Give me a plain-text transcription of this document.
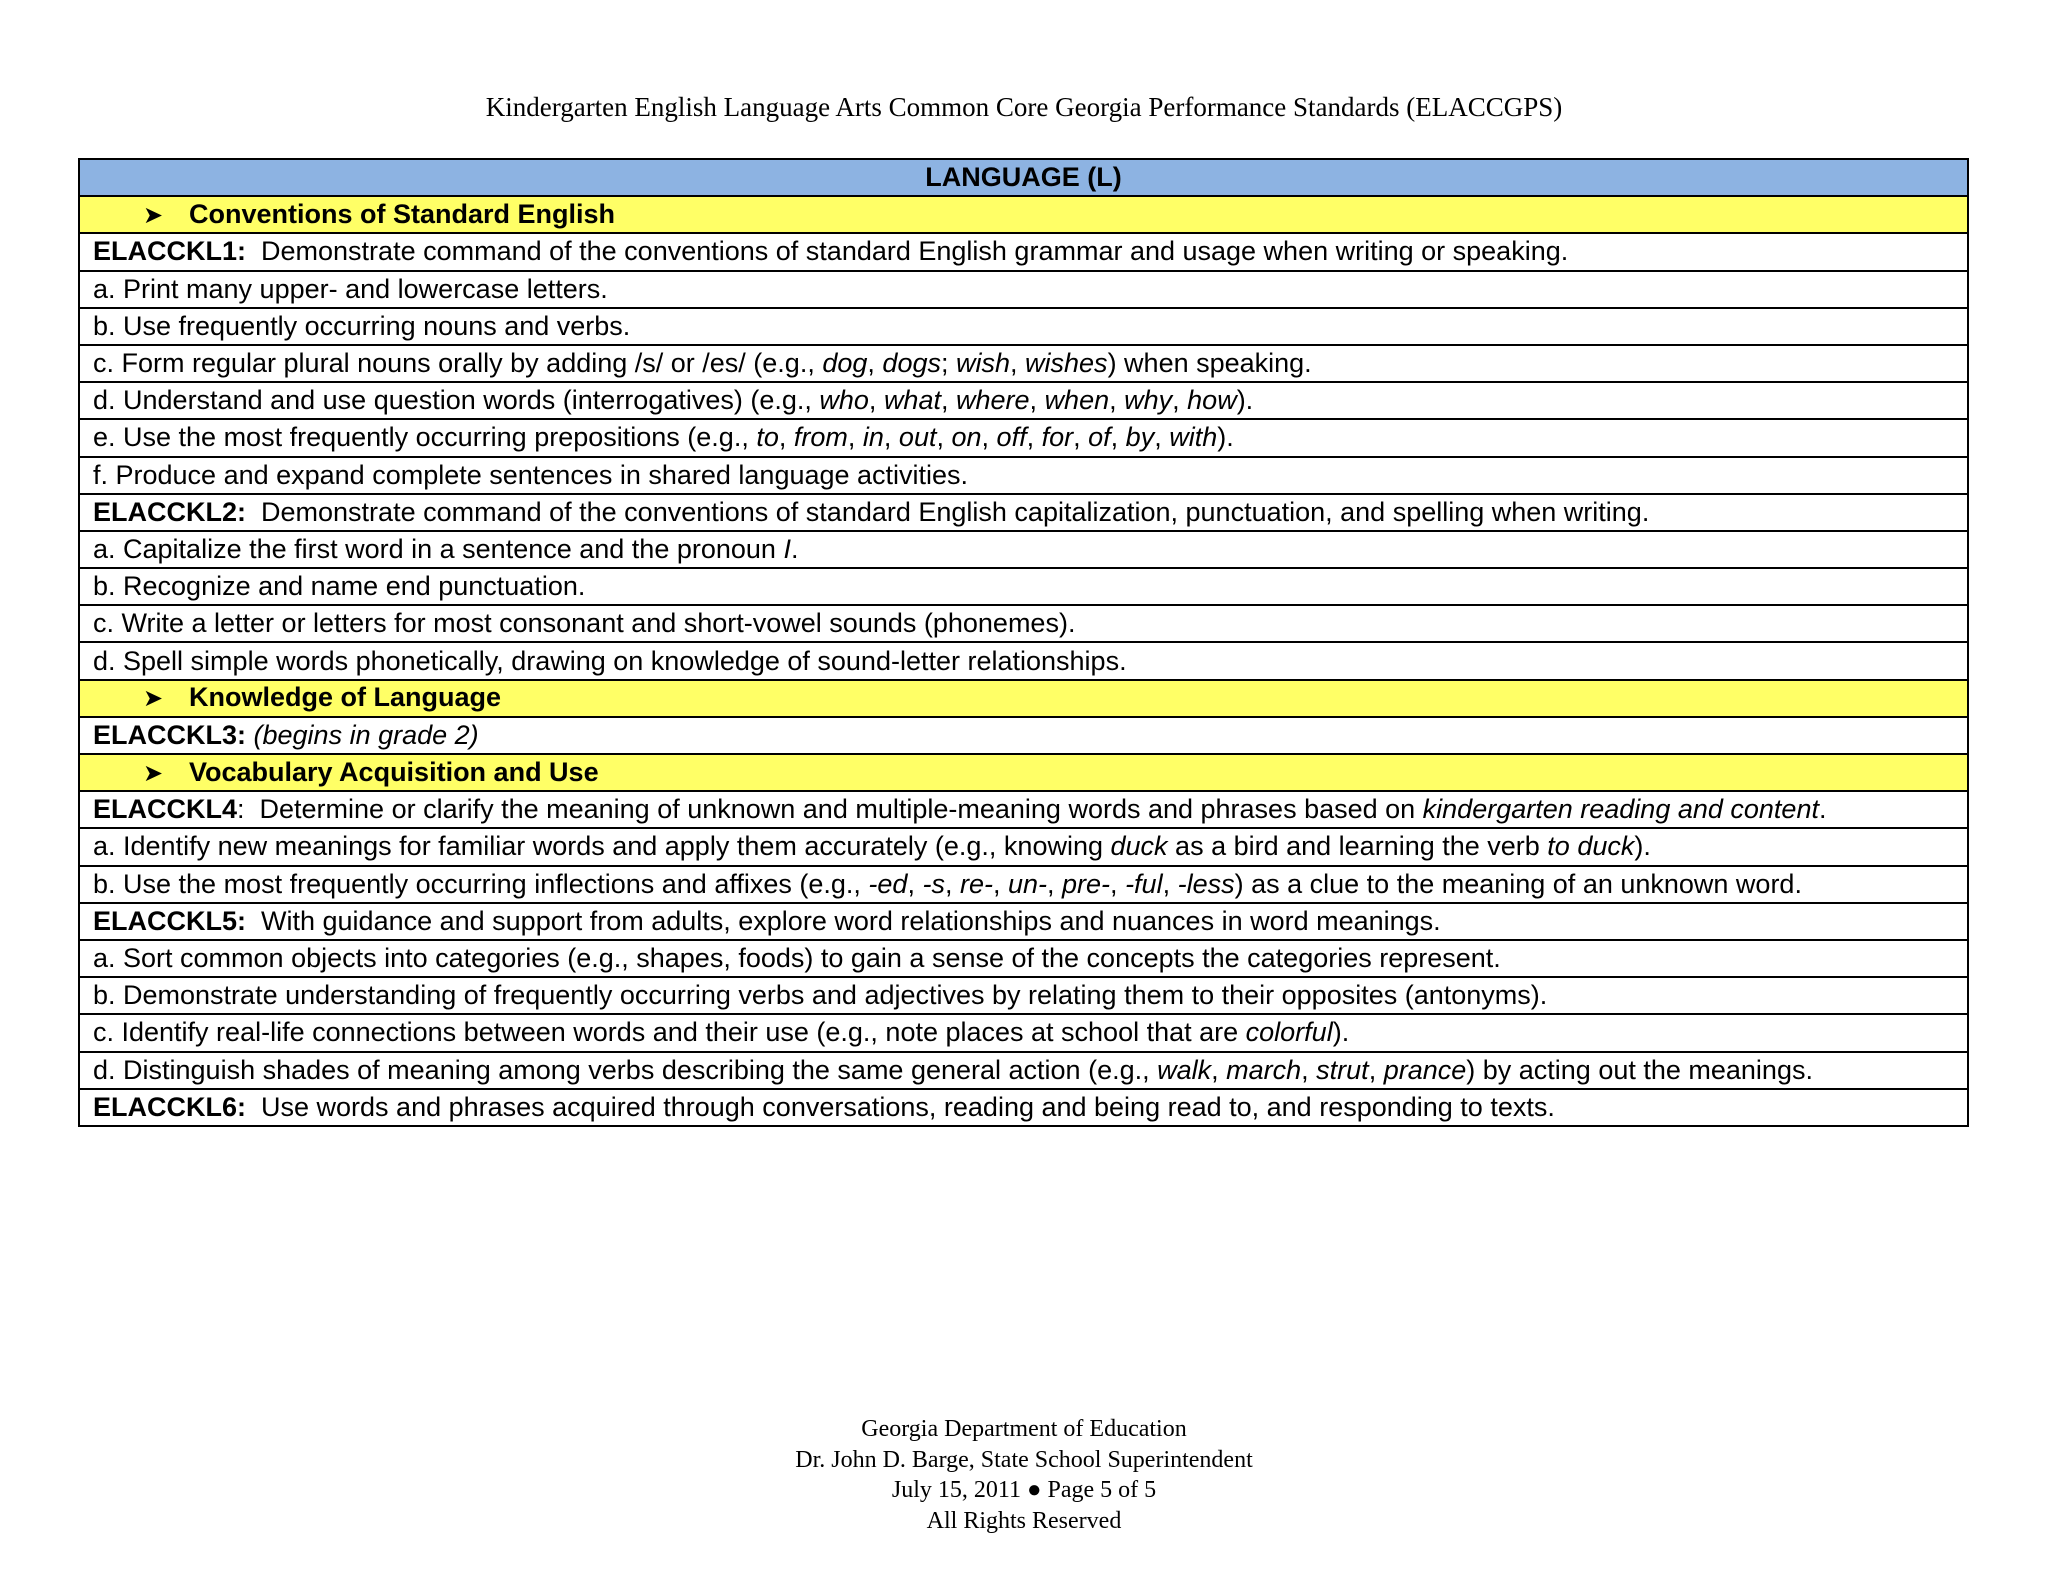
Kindergarten English Language Arts Common Core Georgia Performance Standards (ELACCGPS)
LANGUAGE (L)
➤ Conventions of Standard English
ELACCKL1: Demonstrate command of the conventions of standard English grammar and usage when writing or speaking.
a. Print many upper- and lowercase letters.
b. Use frequently occurring nouns and verbs.
c. Form regular plural nouns orally by adding /s/ or /es/ (e.g., dog, dogs; wish, wishes) when speaking.
d. Understand and use question words (interrogatives) (e.g., who, what, where, when, why, how).
e. Use the most frequently occurring prepositions (e.g., to, from, in, out, on, off, for, of, by, with).
f. Produce and expand complete sentences in shared language activities.
ELACCKL2: Demonstrate command of the conventions of standard English capitalization, punctuation, and spelling when writing.
a. Capitalize the first word in a sentence and the pronoun I.
b. Recognize and name end punctuation.
c. Write a letter or letters for most consonant and short-vowel sounds (phonemes).
d. Spell simple words phonetically, drawing on knowledge of sound-letter relationships.
➤ Knowledge of Language
ELACCKL3: (begins in grade 2)
➤ Vocabulary Acquisition and Use
ELACCKL4:  Determine or clarify the meaning of unknown and multiple-meaning words and phrases based on kindergarten reading and content.
a. Identify new meanings for familiar words and apply them accurately (e.g., knowing duck as a bird and learning the verb to duck).
b. Use the most frequently occurring inflections and affixes (e.g., -ed, -s, re-, un-, pre-, -ful, -less) as a clue to the meaning of an unknown word.
ELACCKL5: With guidance and support from adults, explore word relationships and nuances in word meanings.
a. Sort common objects into categories (e.g., shapes, foods) to gain a sense of the concepts the categories represent.
b. Demonstrate understanding of frequently occurring verbs and adjectives by relating them to their opposites (antonyms).
c. Identify real-life connections between words and their use (e.g., note places at school that are colorful).
d. Distinguish shades of meaning among verbs describing the same general action (e.g., walk, march, strut, prance) by acting out the meanings.
ELACCKL6: Use words and phrases acquired through conversations, reading and being read to, and responding to texts.
Georgia Department of Education
Dr. John D. Barge, State School Superintendent
July 15, 2011 ● Page 5 of 5
All Rights Reserved
